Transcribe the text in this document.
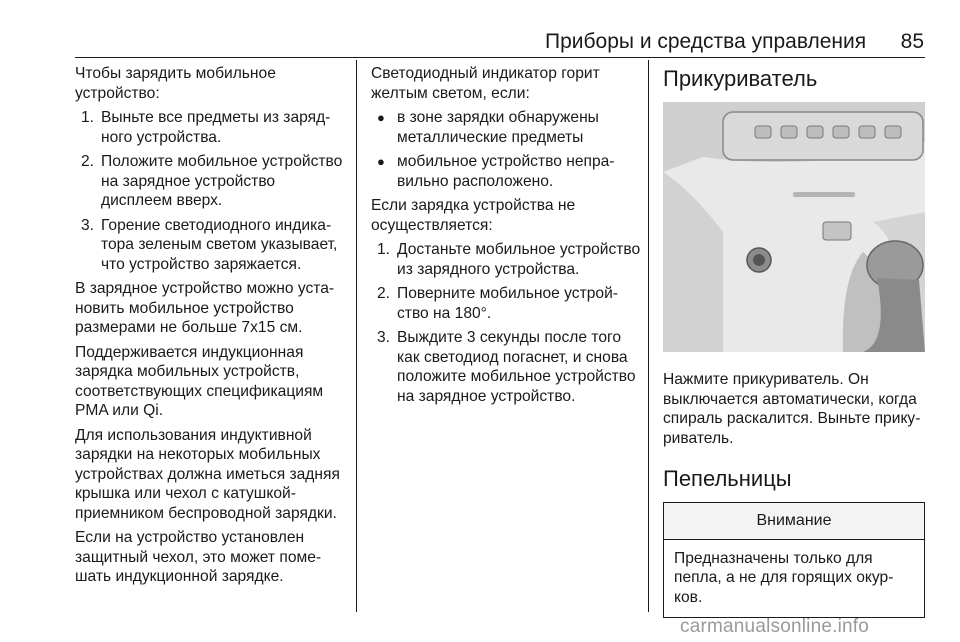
Приборы и средства управления	85

Чтобы зарядить мобильное устройство:

1. Выньте все предметы из зарядного устройства.
2. Положите мобильное устройство на зарядное устройство дисплеем вверх.
3. Горение светодиодного индикатора зеленым светом указывает, что устройство заряжается.

В зарядное устройство можно установить мобильное устройство размерами не больше 7x15 см.

Поддерживается индукционная зарядка мобильных устройств, соответствующих спецификациям PMA или Qi.

Для использования индуктивной зарядки на некоторых мобильных устройствах должна иметься задняя крышка или чехол с катушкой-приемником беспроводной зарядки.

Если на устройство установлен защитный чехол, это может помешать индукционной зарядке.

Светодиодный индикатор горит желтым светом, если:

● в зоне зарядки обнаружены металлические предметы
● мобильное устройство неправильно расположено.

Если зарядка устройства не осуществляется:

1. Достаньте мобильное устройство из зарядного устройства.
2. Поверните мобильное устройство на 180°.
3. Выждите 3 секунды после того как светодиод погаснет, и снова положите мобильное устройство на зарядное устройство.
Прикуриватель

Нажмите прикуриватель. Он выключается автоматически, когда спираль раскалится. Выньте прикуриватель.

Пепельницы
Внимание
Предназначены только для пепла, а не для горящих окурков.
carmanualsonline.info
